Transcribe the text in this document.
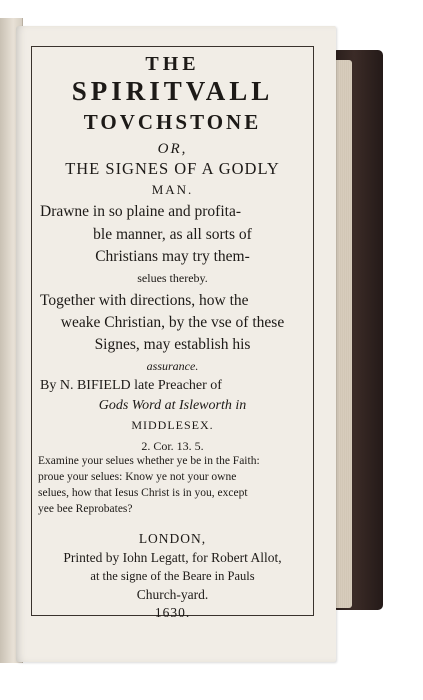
THE
SPIRITVALL
TOVCHSTONE
OR,
THE SIGNES OF A GODLY
MAN.
Drawne in so plaine and profita-
ble manner, as all sorts of
Christians may try them-
selues thereby.
Together with directions, how the
weake Christian, by the vse of these
Signes, may establish his
assurance.
By N. BIFIELD late Preacher of
Gods Word at Isleworth in
MIDDLESEX.
2. Cor. 13. 5.
Examine your selues whether ye be in the Faith:
proue your selues: Know ye not your owne
selues, how that Iesus Christ is in you, except
yee bee Reprobates?
LONDON,
Printed by Iohn Legatt, for Robert Allot,
at the signe of the Beare in Pauls
Church-yard.
1630.
